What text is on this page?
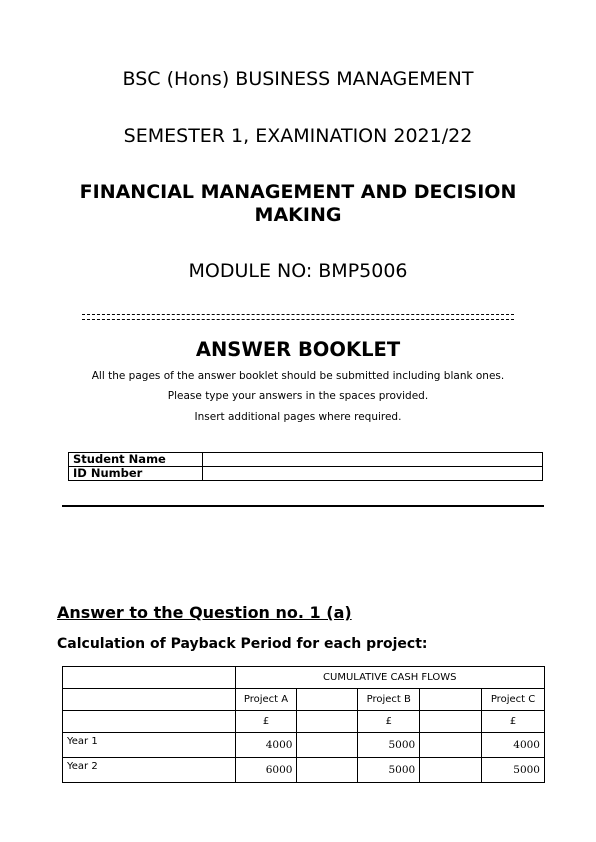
BSC (Hons) BUSINESS MANAGEMENT
SEMESTER 1, EXAMINATION 2021/22
FINANCIAL MANAGEMENT AND DECISION MAKING
MODULE NO: BMP5006
ANSWER BOOKLET
All the pages of the answer booklet should be submitted including blank ones.
Please type your answers in the spaces provided.
Insert additional pages where required.
Student Name	
ID Number	
Answer to the Question no. 1 (a)
Calculation of Payback Period for each project:
	CUMULATIVE CASH FLOWS				
	Project A		Project B		Project C
	£		£		£
Year 1	4000		5000		4000
Year 2	6000		5000		5000
